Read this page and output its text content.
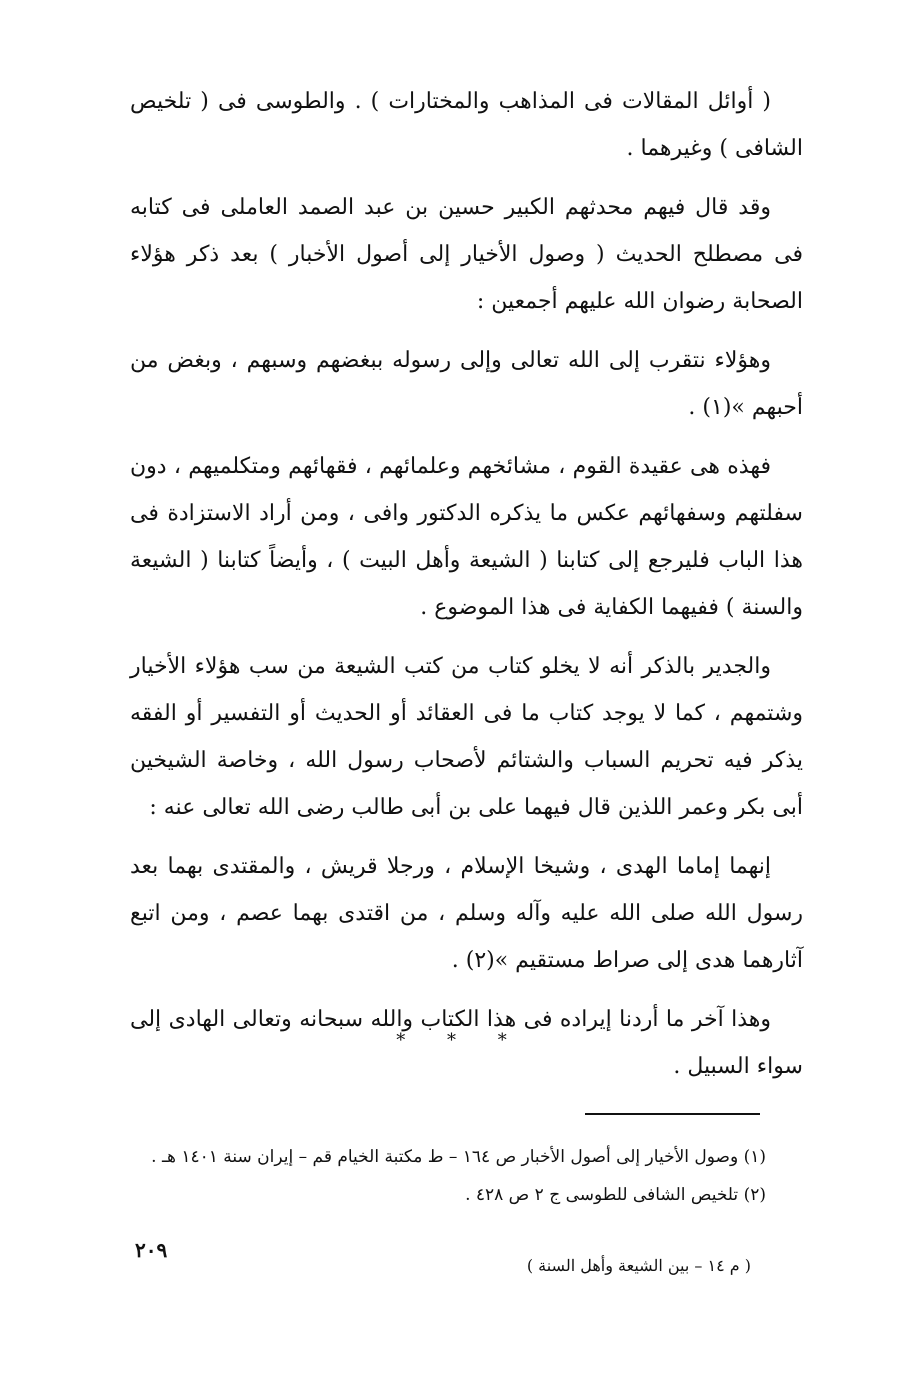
( أوائل المقالات فى المذاهب والمختارات ) . والطوسى فى ( تلخيص الشافى ) وغيرهما .

وقد قال فيهم محدثهم الكبير حسين بن عبد الصمد العاملى فى كتابه فى مصطلح الحديث ( وصول الأخيار إلى أصول الأخبار ) بعد ذكر هؤلاء الصحابة رضوان الله عليهم أجمعين :

وهؤلاء نتقرب إلى الله تعالى وإلى رسوله ببغضهم وسبهم ، وبغض من أحبهم »(١) .

فهذه هى عقيدة القوم ، مشائخهم وعلمائهم ، فقهائهم ومتكلميهم ، دون سفلتهم وسفهائهم عكس ما يذكره الدكتور وافى ، ومن أراد الاستزادة فى هذا الباب فليرجع إلى كتابنا ( الشيعة وأهل البيت ) ، وأيضاً كتابنا ( الشيعة والسنة ) ففيهما الكفاية فى هذا الموضوع .

والجدير بالذكر أنه لا يخلو كتاب من كتب الشيعة من سب هؤلاء الأخيار وشتمهم ، كما لا يوجد كتاب ما فى العقائد أو الحديث أو التفسير أو الفقه يذكر فيه تحريم السباب والشتائم لأصحاب رسول الله ، وخاصة الشيخين أبى بكر وعمر اللذين قال فيهما على بن أبى طالب رضى الله تعالى عنه :

إنهما إماما الهدى ، وشيخا الإسلام ، ورجلا قريش ، والمقتدى بهما بعد رسول الله صلى الله عليه وآله وسلم ، من اقتدى بهما عصم ، ومن اتبع آثارهما هدى إلى صراط مستقيم »(٢) .

وهذا آخر ما أردنا إيراده فى هذا الكتاب والله سبحانه وتعالى الهادى إلى سواء السبيل .

* * *

(١) وصول الأخيار إلى أصول الأخبار ص ١٦٤ – ط مكتبة الخيام قم – إيران سنة ١٤٠١ هـ .

(٢) تلخيص الشافى للطوسى ج ٢ ص ٤٢٨ .

٢٠٩
( م ١٤ – بين الشيعة وأهل السنة )
